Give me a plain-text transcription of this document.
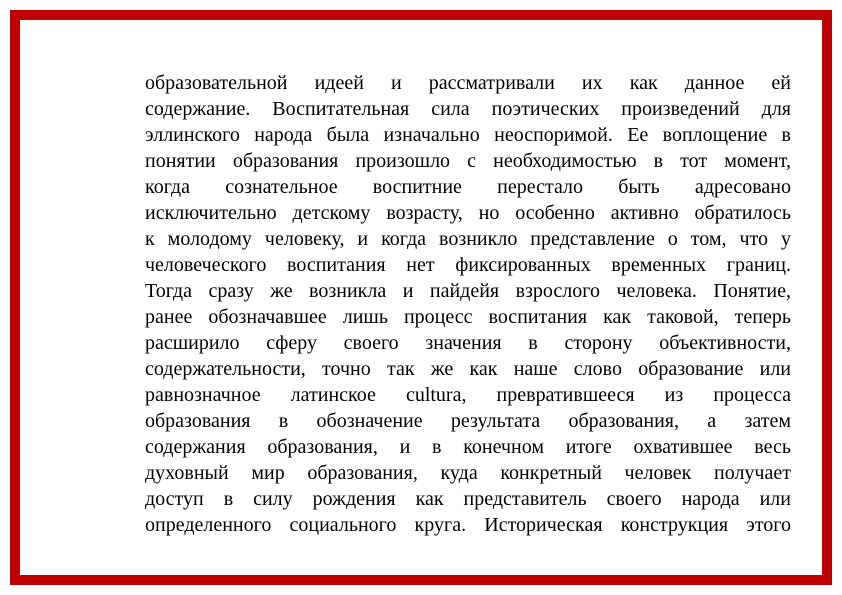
образовательной идеей и рассматривали их как данное ей
содержание. Воспитательная сила поэтических произведений для
эллинского народа была изначально неоспоримой. Ее воплощение в
понятии образования произошло с необходимостью в тот момент,
когда сознательное воспитние перестало быть адресовано
исключительно детскому возрасту, но особенно активно обратилось
к молодому человеку, и когда возникло представление о том, что у
человеческого воспитания нет фиксированных временных границ.
Тогда сразу же возникла и пайдейя взрослого человека. Понятие,
ранее обозначавшее лишь процесс воспитания как таковой, теперь
расширило сферу своего значения в сторону объективности,
содержательности, точно так же как наше слово образование или
равнозначное латинское cultura, превратившееся из процесса
образования в обозначение результата образования, а затем
содержания образования, и в конечном итоге охватившее весь
духовный мир образования, куда конкретный человек получает
доступ в силу рождения как представитель своего народа или
определенного социального круга. Историческая конструкция этого
